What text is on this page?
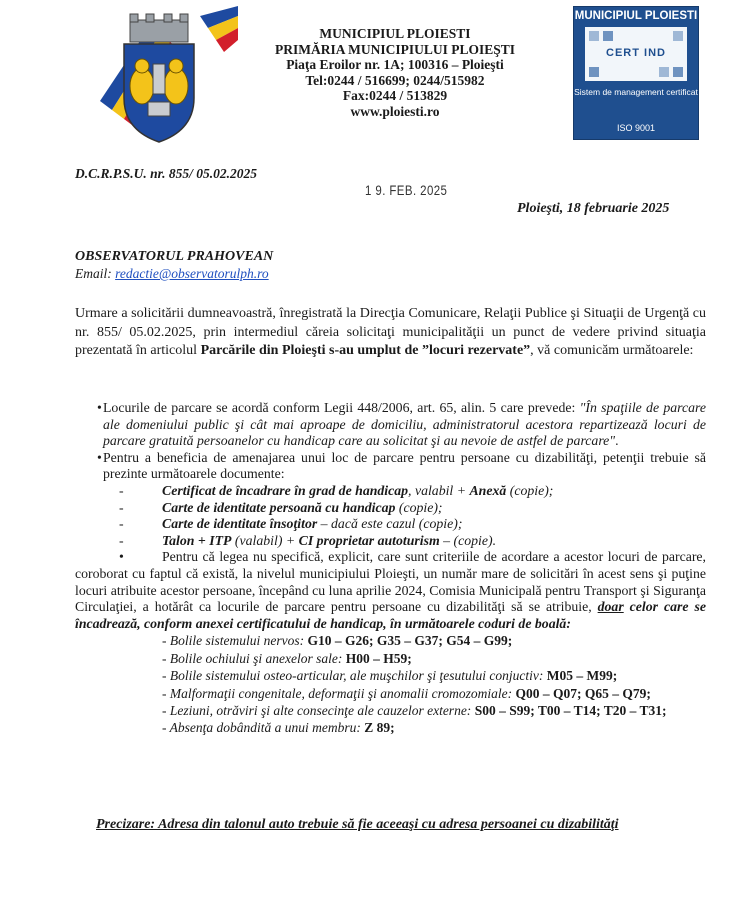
MUNICIPIUL PLOIESTI
PRIMĂRIA MUNICIPIULUI PLOIEŞTI
Piaţa Eroilor nr. 1A; 100316 – Ploieşti
Tel:0244 / 516699; 0244/515982
Fax:0244 / 513829
www.ploiesti.ro
MUNICIPIUL PLOIESTI
CERT IND
Sistem de management certificat
ISO 9001
D.C.R.P.S.U. nr. 855/ 05.02.2025
1 9. FEB. 2025
Ploieşti, 18 februarie 2025
OBSERVATORUL PRAHOVEAN
Email: redactie@observatorulph.ro
Urmare a solicitării dumneavoastră, înregistrată la Direcţia Comunicare, Relaţii Publice şi Situaţii de Urgenţă cu nr. 855/ 05.02.2025, prin intermediul căreia solicitaţi municipalităţii un punct de vedere privind situaţia prezentată în articolul Parcările din Ploieşti s-au umplut de ”locuri rezervate”, vă comunicăm următoarele:
• Locurile de parcare se acordă conform Legii 448/2006, art. 65, alin. 5 care prevede: "În spaţiile de parcare ale domeniului public şi cât mai aproape de domiciliu, administratorul acestora repartizează locuri de parcare gratuită persoanelor cu handicap care au solicitat şi au nevoie de astfel de parcare".
• Pentru a beneficia de amenajarea unui loc de parcare pentru persoane cu dizabilităţi, petenţii trebuie să prezinte următoarele documente:
-	Certificat de încadrare în grad de handicap, valabil + Anexă (copie);
-	Carte de identitate persoană cu handicap (copie);
-	Carte de identitate însoţitor – dacă este cazul (copie);
-	Talon + ITP (valabil) + CI proprietar autoturism – (copie).
•	Pentru că legea nu specifică, explicit, care sunt criteriile de acordare a acestor locuri de parcare, coroborat cu faptul că există, la nivelul municipiului Ploieşti, un număr mare de solicitări în acest sens şi puţine locuri atribuite acestor persoane, începând cu luna aprilie 2024, Comisia Municipală pentru Transport şi Siguranţa Circulaţiei, a hotărât ca locurile de parcare pentru persoane cu dizabilităţi să se atribuie, doar celor care se încadrează, conform anexei certificatului de handicap, în următoarele coduri de boală:
- Bolile sistemului nervos: G10 – G26; G35 – G37; G54 – G99;
- Bolile ochiului şi anexelor sale: H00 – H59;
- Bolile sistemului osteo-articular, ale muşchilor şi ţesutului conjuctiv: M05 – M99;
- Malformaţii congenitale, deformaţii şi anomalii cromozomiale: Q00 – Q07; Q65 – Q79;
- Leziuni, otrăviri şi alte consecinţe ale cauzelor externe: S00 – S99; T00 – T14; T20 – T31;
- Absenţa dobândită a unui membru: Z 89;
Precizare: Adresa din talonul auto trebuie să fie aceeaşi cu adresa persoanei cu dizabilităţi
